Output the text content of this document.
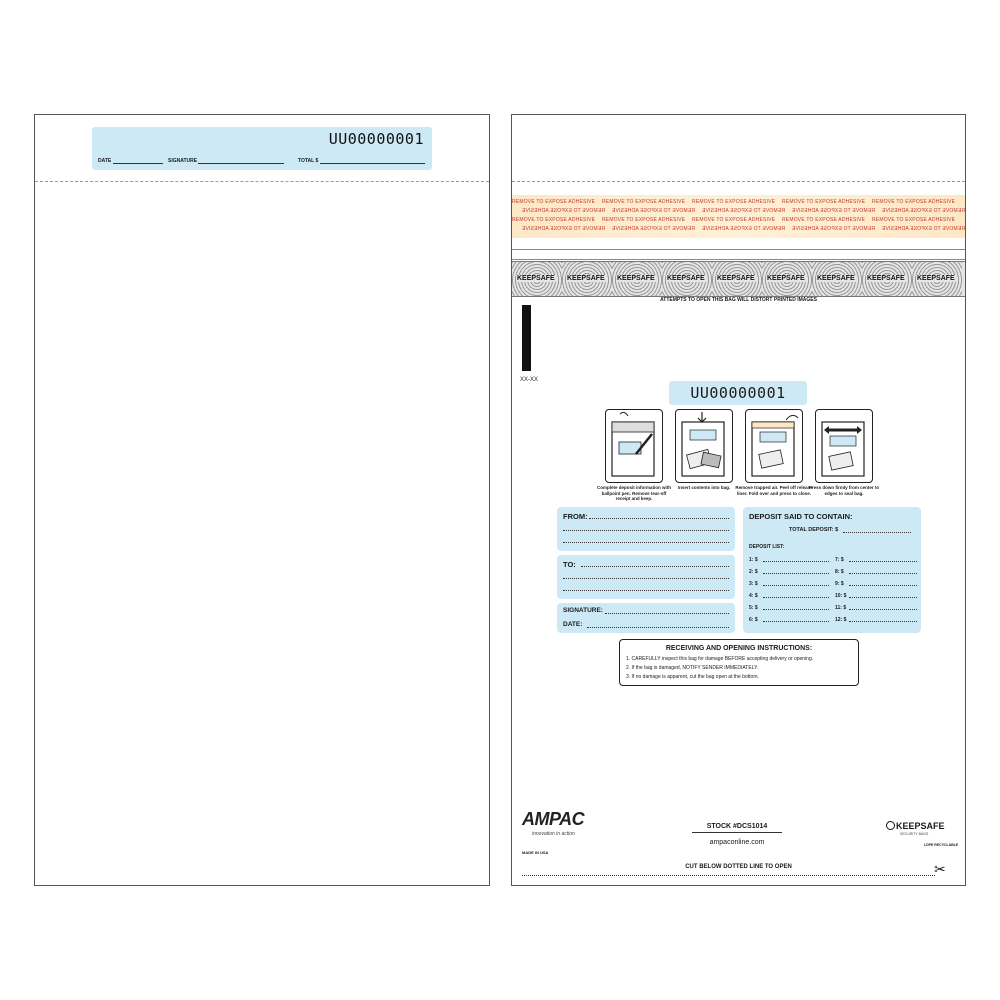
UU00000001
DATE	SIGNATURE	TOTAL $
REMOVE TO EXPOSE ADHESIVE REMOVE TO EXPOSE ADHESIVE REMOVE TO EXPOSE ADHESIVE REMOVE TO EXPOSE ADHESIVE REMOVE TO EXPOSE ADHESIVE
REMOVE TO EXPOSE ADHESIVEREMOVE TO EXPOSE ADHESIVEREMOVE TO EXPOSE ADHESIVEREMOVE TO EXPOSE ADHESIVEREMOVE TO EXPOSE ADHESIVE
REMOVE TO EXPOSE ADHESIVE REMOVE TO EXPOSE ADHESIVE REMOVE TO EXPOSE ADHESIVE REMOVE TO EXPOSE ADHESIVE REMOVE TO EXPOSE ADHESIVE
REMOVE TO EXPOSE ADHESIVEREMOVE TO EXPOSE ADHESIVEREMOVE TO EXPOSE ADHESIVEREMOVE TO EXPOSE ADHESIVEREMOVE TO EXPOSE ADHESIVE
KEEPSAFE KEEPSAFE KEEPSAFE KEEPSAFE KEEPSAFE KEEPSAFE KEEPSAFE KEEPSAFE KEEPSAFE
ATTEMPTS TO OPEN THIS BAG WILL DISTORT PRINTED IMAGES
XX-XX
UU00000001
Complete deposit information with ballpoint pen. Remove tear-off receipt and keep.
Insert contents into bag.	Remove trapped air. Peel off release liner. Fold over and press to close.
Press down firmly from center to edges to seal bag.
FROM:
TO:
SIGNATURE:
DATE:
DEPOSIT SAID TO CONTAIN:
TOTAL DEPOSIT: $
DEPOSIT LIST:
1: $	7: $
2: $	8: $
3: $	9: $
4: $	10: $
5: $	11: $
6: $	12: $
RECEIVING AND OPENING INSTRUCTIONS:
1. CAREFULLY inspect this bag for damage BEFORE accepting delivery or opening.
2. If the bag is damaged, NOTIFY SENDER IMMEDIATELY.
3. If no damage is apparent, cut the bag open at the bottom.
AMPAC
innovation in action
MADE IN USA
STOCK #DCS1014
ampaconline.com
KEEPSAFE
SECURITY BAGS
LDPE RECYCLABLE
CUT BELOW DOTTED LINE TO OPEN	✂
